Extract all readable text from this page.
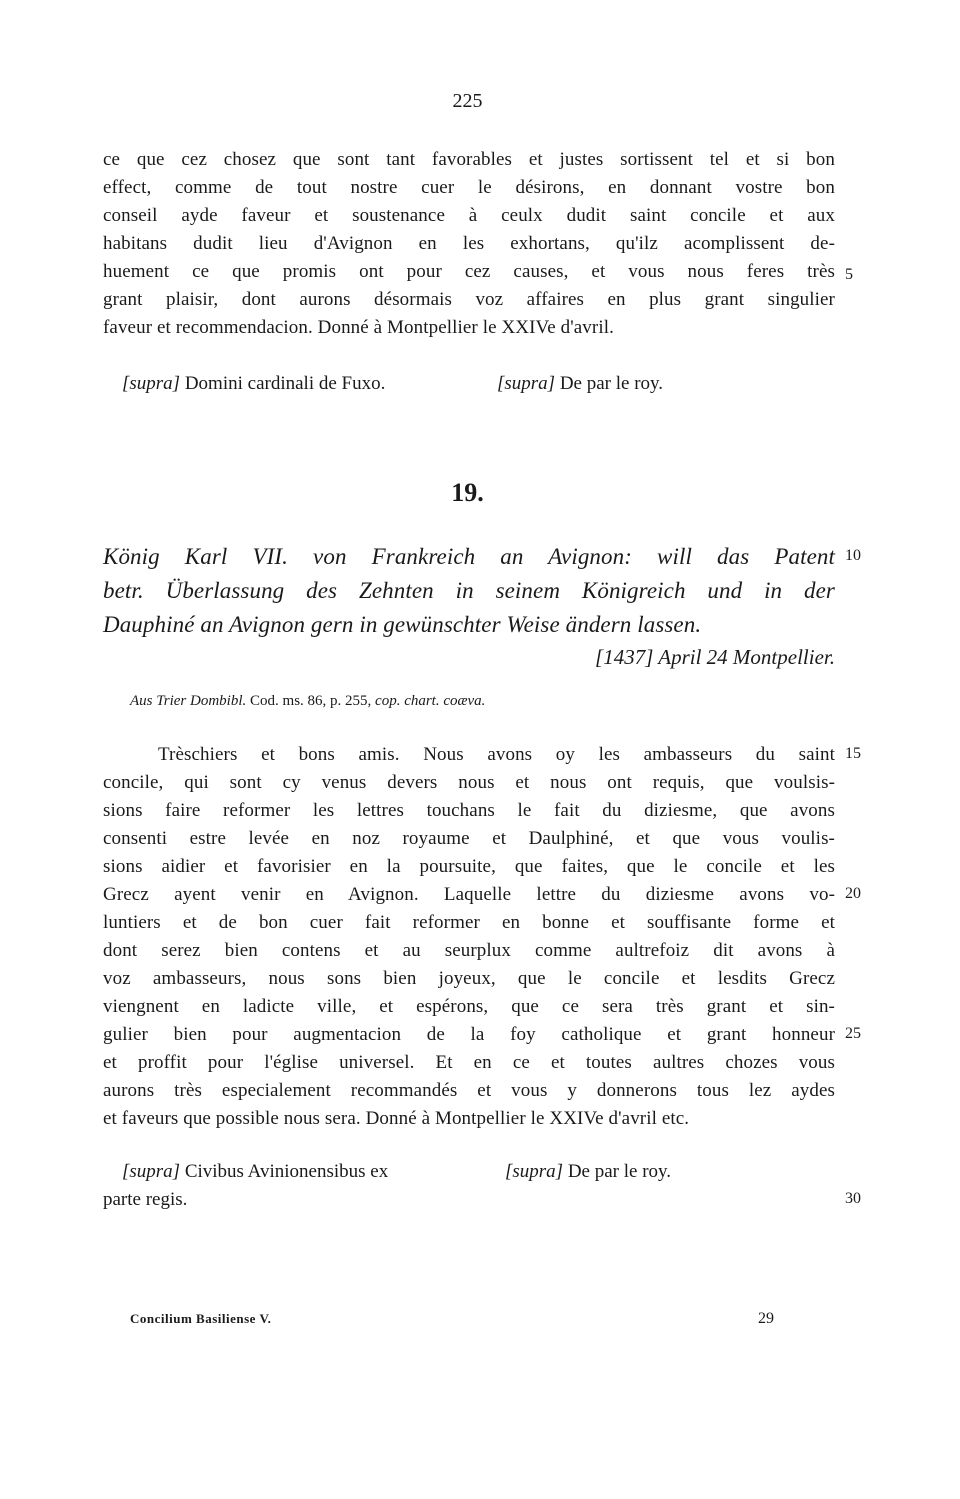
225
ce que cez chosez que sont tant favorables et justes sortissent tel et si bon
effect, comme de tout nostre cuer le désirons, en donnant vostre bon
conseil ayde faveur et soustenance à ceulx dudit saint concile et aux
habitans dudit lieu d'Avignon en les exhortans, qu'ilz acomplissent de-
huement ce que promis ont pour cez causes, et vous nous feres très
grant plaisir, dont aurons désormais voz affaires en plus grant singulier
faveur et recommendacion. Donné à Montpellier le XXIVe d'avril.
5
[supra] Domini cardinali de Fuxo.	[supra] De par le roy.
19.
König Karl VII. von Frankreich an Avignon: will das Patent
betr. Überlassung des Zehnten in seinem Königreich und in der
Dauphiné an Avignon gern in gewünschter Weise ändern lassen.
10
[1437] April 24 Montpellier.
Aus Trier Dombibl. Cod. ms. 86, p. 255, cop. chart. coæva.
Trèschiers et bons amis. Nous avons oy les ambasseurs du saint
concile, qui sont cy venus devers nous et nous ont requis, que voulsis-
sions faire reformer les lettres touchans le fait du diziesme, que avons
consenti estre levée en noz royaume et Daulphiné, et que vous voulis-
sions aidier et favorisier en la poursuite, que faites, que le concile et les
Grecz ayent venir en Avignon. Laquelle lettre du diziesme avons vo-
luntiers et de bon cuer fait reformer en bonne et souffisante forme et
dont serez bien contens et au seurplux comme aultrefoiz dit avons à
voz ambasseurs, nous sons bien joyeux, que le concile et lesdits Grecz
viengnent en ladicte ville, et espérons, que ce sera très grant et sin-
gulier bien pour augmentacion de la foy catholique et grant honneur
et proffit pour l'église universel. Et en ce et toutes aultres chozes vous
aurons très especialement recommandés et vous y donnerons tous lez aydes
et faveurs que possible nous sera. Donné à Montpellier le XXIVe d'avril etc.
15
20
25
[supra] Civibus Avinionensibus ex
parte regis.
[supra] De par le roy.
30
Concilium Basiliense V.	29
